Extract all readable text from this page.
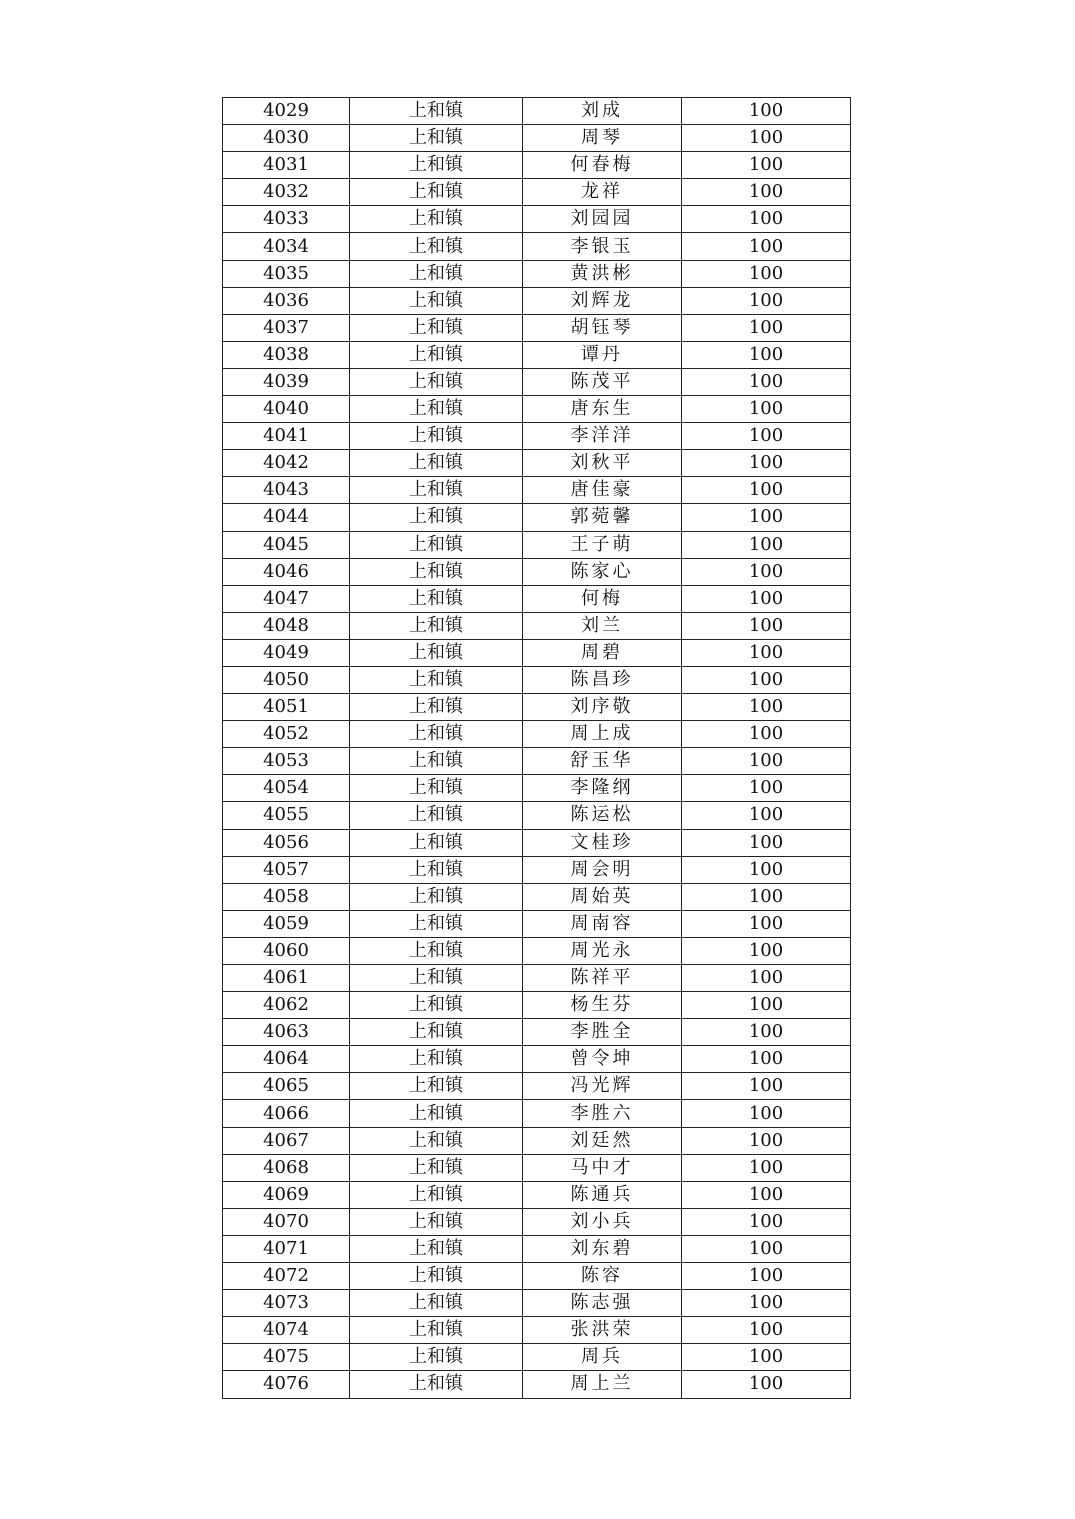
4029	上和镇	刘成	100
4030	上和镇	周琴	100
4031	上和镇	何春梅	100
4032	上和镇	龙祥	100
4033	上和镇	刘园园	100
4034	上和镇	李银玉	100
4035	上和镇	黄洪彬	100
4036	上和镇	刘辉龙	100
4037	上和镇	胡钰琴	100
4038	上和镇	谭丹	100
4039	上和镇	陈茂平	100
4040	上和镇	唐东生	100
4041	上和镇	李洋洋	100
4042	上和镇	刘秋平	100
4043	上和镇	唐佳豪	100
4044	上和镇	郭菀馨	100
4045	上和镇	王子萌	100
4046	上和镇	陈家心	100
4047	上和镇	何梅	100
4048	上和镇	刘兰	100
4049	上和镇	周碧	100
4050	上和镇	陈昌珍	100
4051	上和镇	刘序敬	100
4052	上和镇	周上成	100
4053	上和镇	舒玉华	100
4054	上和镇	李隆纲	100
4055	上和镇	陈运松	100
4056	上和镇	文桂珍	100
4057	上和镇	周会明	100
4058	上和镇	周始英	100
4059	上和镇	周南容	100
4060	上和镇	周光永	100
4061	上和镇	陈祥平	100
4062	上和镇	杨生芬	100
4063	上和镇	李胜全	100
4064	上和镇	曾令坤	100
4065	上和镇	冯光辉	100
4066	上和镇	李胜六	100
4067	上和镇	刘廷然	100
4068	上和镇	马中才	100
4069	上和镇	陈通兵	100
4070	上和镇	刘小兵	100
4071	上和镇	刘东碧	100
4072	上和镇	陈容	100
4073	上和镇	陈志强	100
4074	上和镇	张洪荣	100
4075	上和镇	周兵	100
4076	上和镇	周上兰	100
